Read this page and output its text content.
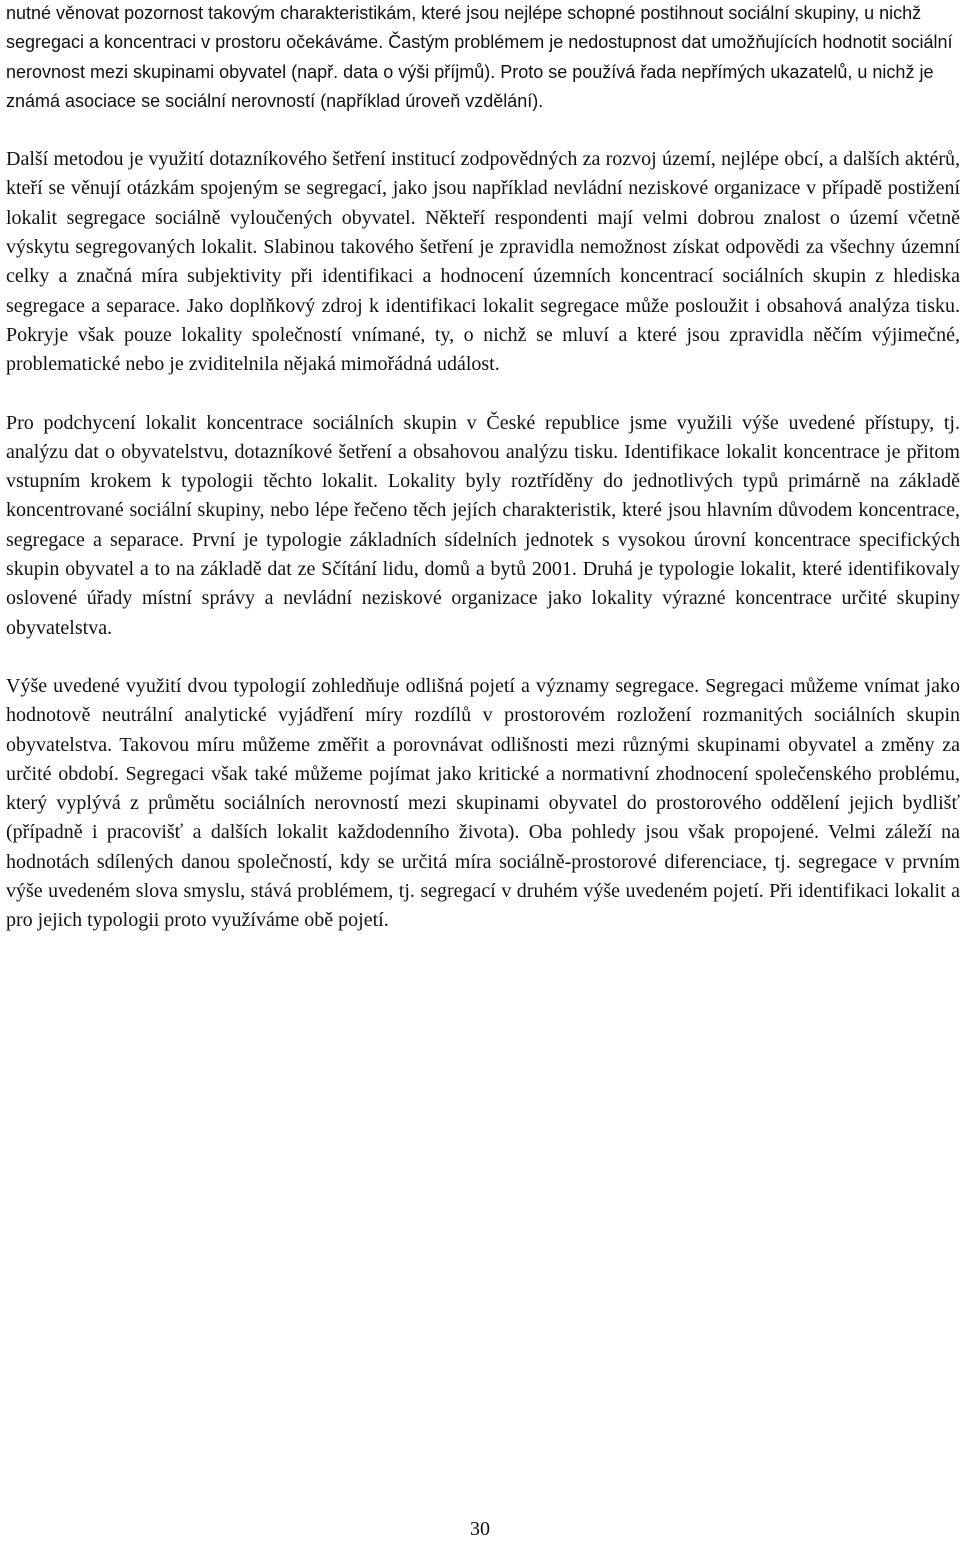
nutné věnovat pozornost takovým charakteristikám, které jsou nejlépe schopné postihnout sociální skupiny, u nichž segregaci a koncentraci v prostoru očekáváme. Častým problémem je nedostupnost dat umožňujících hodnotit sociální nerovnost mezi skupinami obyvatel (např. data o výši příjmů). Proto se používá řada nepřímých ukazatelů, u nichž je známá asociace se sociální nerovností (například úroveň vzdělání).

Další metodou je využití dotazníkového šetření institucí zodpovědných za rozvoj území, nejlépe obcí, a dalších aktérů, kteří se věnují otázkám spojeným se segregací, jako jsou například nevládní neziskové organizace v případě postižení lokalit segregace sociálně vyloučených obyvatel. Někteří respondenti mají velmi dobrou znalost o území včetně výskytu segregovaných lokalit. Slabinou takového šetření je zpravidla nemožnost získat odpovědi za všechny územní celky a značná míra subjektivity při identifikaci a hodnocení územních koncentrací sociálních skupin z hlediska segregace a separace. Jako doplňkový zdroj k identifikaci lokalit segregace může posloužit i obsahová analýza tisku. Pokryje však pouze lokality společností vnímané, ty, o nichž se mluví a které jsou zpravidla něčím výjimečné, problematické nebo je zviditelnila nějaká mimořádná událost.

Pro podchycení lokalit koncentrace sociálních skupin v České republice jsme využili výše uvedené přístupy, tj. analýzu dat o obyvatelstvu, dotazníkové šetření a obsahovou analýzu tisku. Identifikace lokalit koncentrace je přitom vstupním krokem k typologii těchto lokalit. Lokality byly roztříděny do jednotlivých typů primárně na základě koncentrované sociální skupiny, nebo lépe řečeno těch jejích charakteristik, které jsou hlavním důvodem koncentrace, segregace a separace. První je typologie základních sídelních jednotek s vysokou úrovní koncentrace specifických skupin obyvatel a to na základě dat ze Sčítání lidu, domů a bytů 2001. Druhá je typologie lokalit, které identifikovaly oslovené úřady místní správy a nevládní neziskové organizace jako lokality výrazné koncentrace určité skupiny obyvatelstva.

Výše uvedené využití dvou typologií zohledňuje odlišná pojetí a významy segregace. Segregaci můžeme vnímat jako hodnotově neutrální analytické vyjádření míry rozdílů v prostorovém rozložení rozmanitých sociálních skupin obyvatelstva. Takovou míru můžeme změřit a porovnávat odlišnosti mezi různými skupinami obyvatel a změny za určité období. Segregaci však také můžeme pojímat jako kritické a normativní zhodnocení společenského problému, který vyplývá z průmětu sociálních nerovností mezi skupinami obyvatel do prostorového oddělení jejich bydlišť (případně i pracovišť a dalších lokalit každodenního života). Oba pohledy jsou však propojené. Velmi záleží na hodnotách sdílených danou společností, kdy se určitá míra sociálně-prostorové diferenciace, tj. segregace v prvním výše uvedeném slova smyslu, stává problémem, tj. segregací v druhém výše uvedeném pojetí. Při identifikaci lokalit a pro jejich typologii proto využíváme obě pojetí.

30
